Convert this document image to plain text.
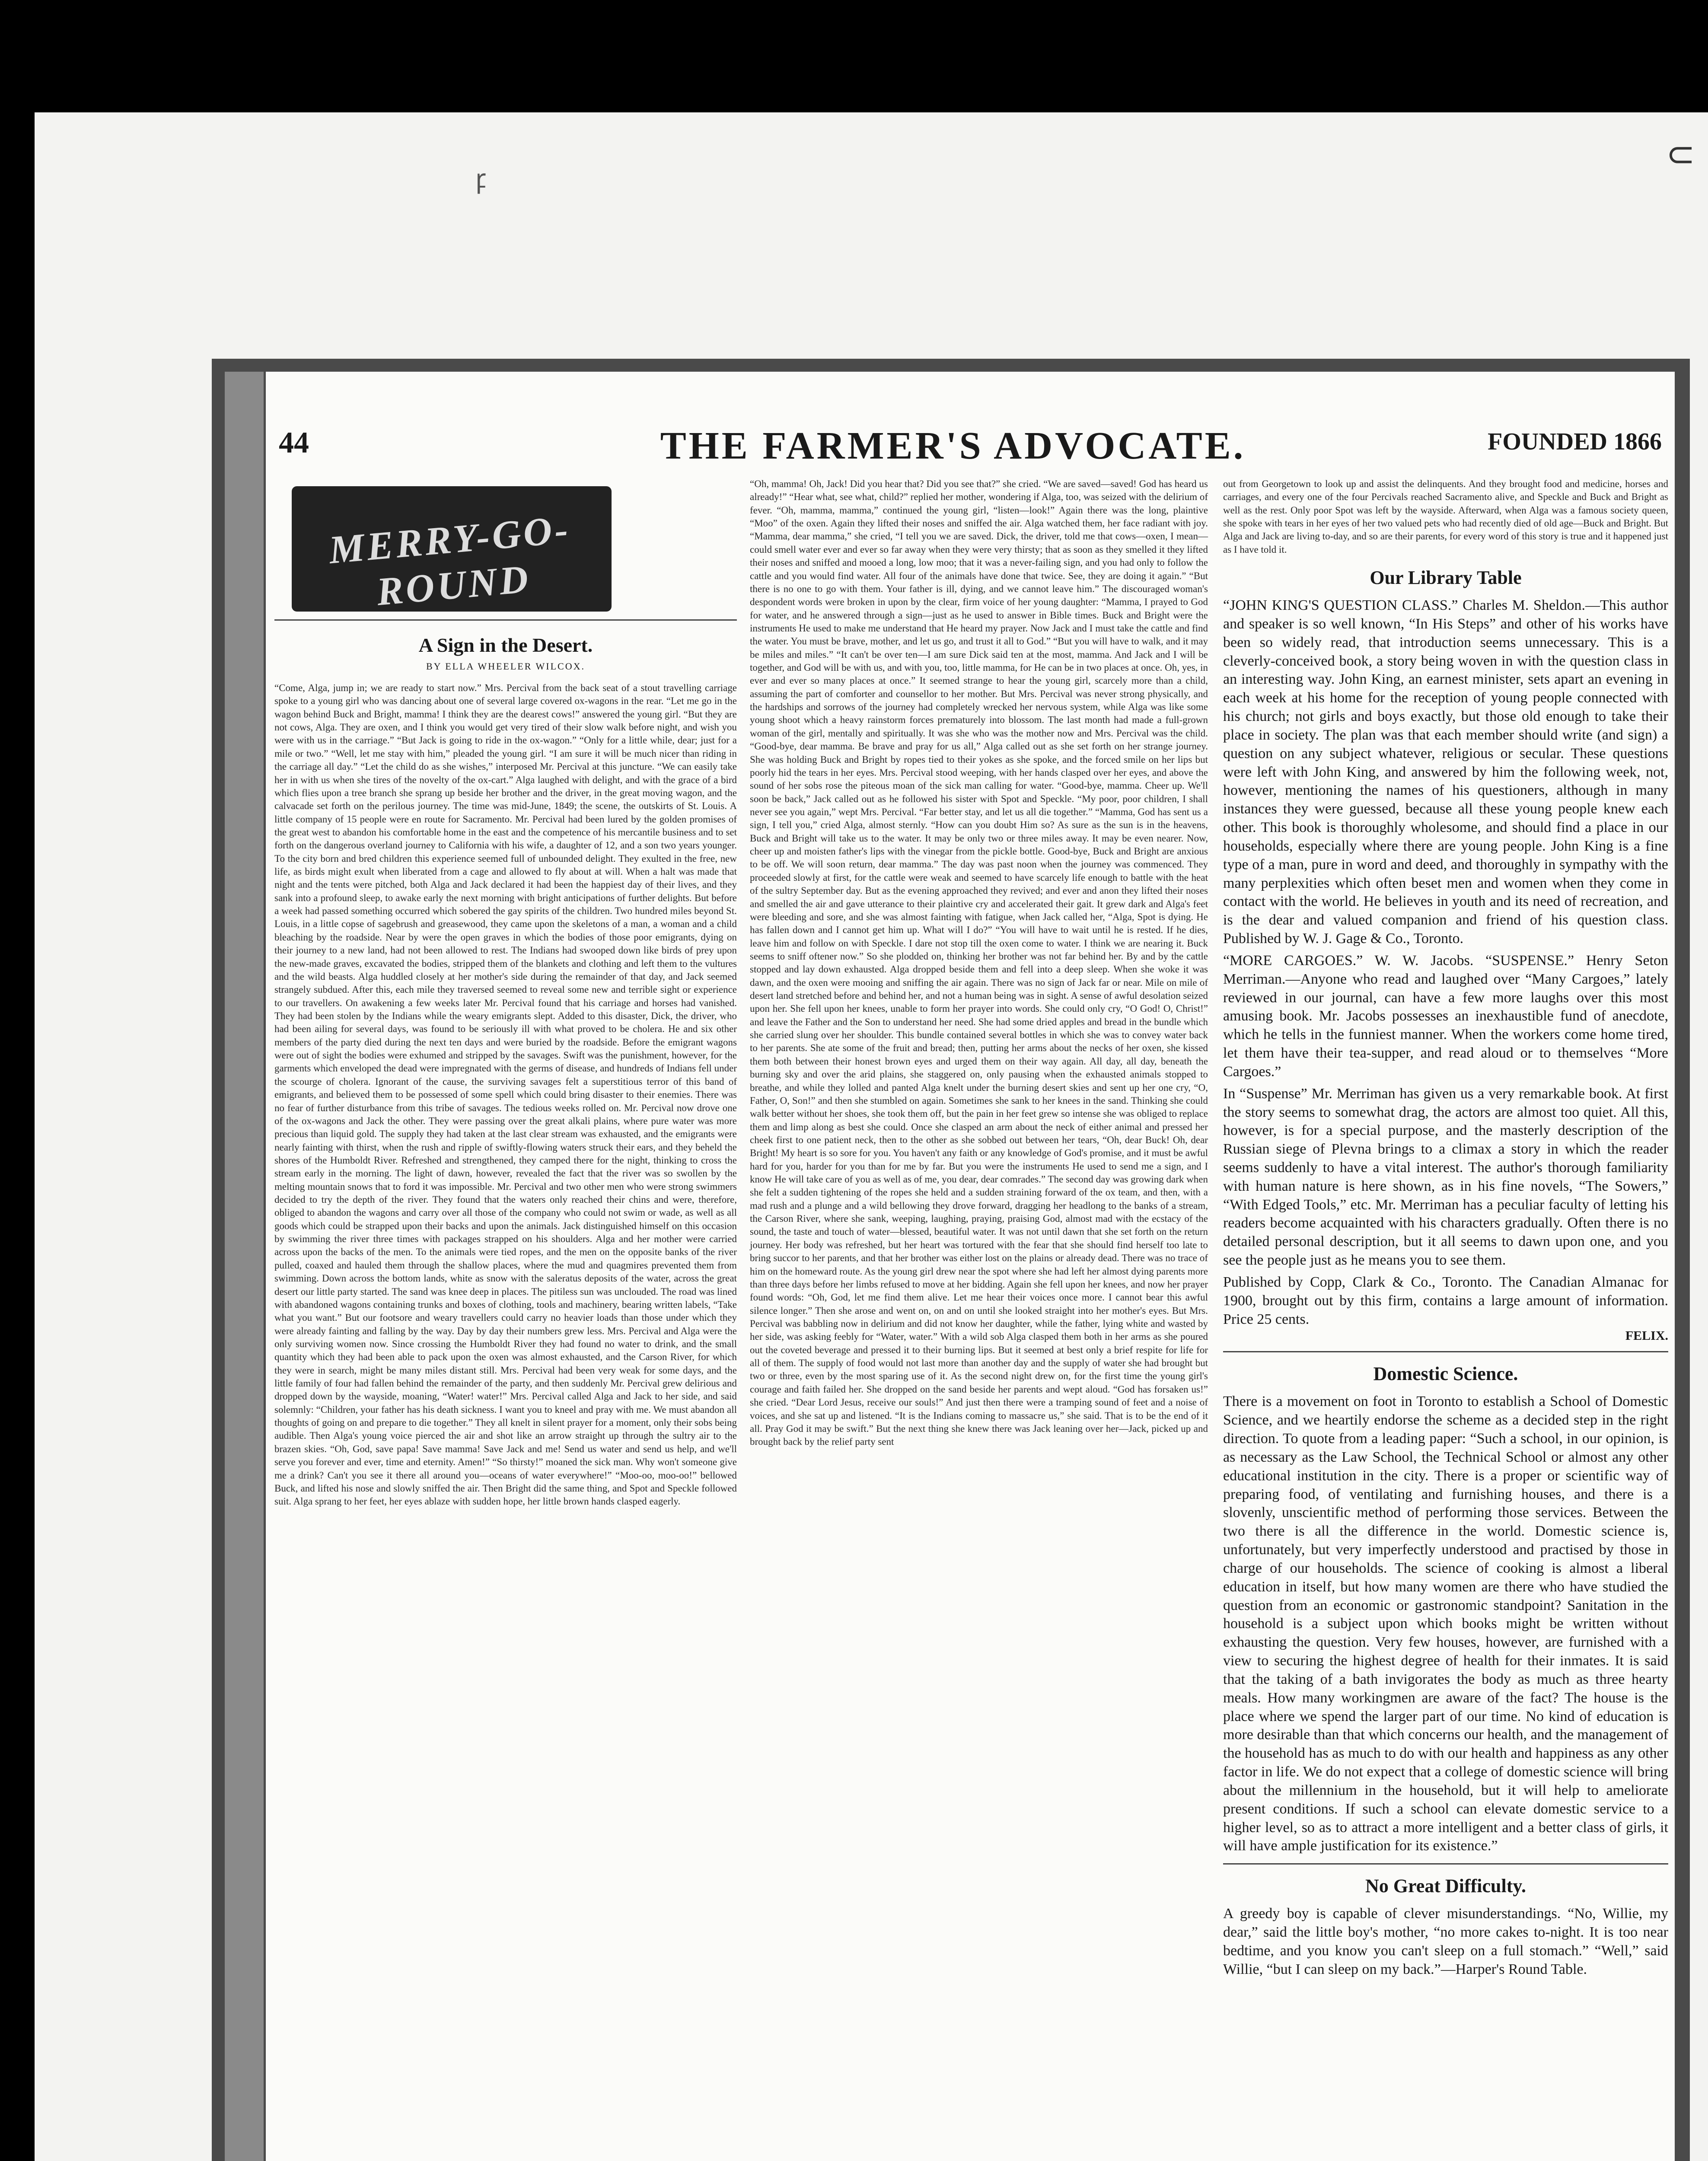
ꝼ
⊂
44	THE FARMER'S ADVOCATE.	FOUNDED 1866
MERRY-GO-ROUND
A Sign in the Desert.
BY ELLA WHEELER WILCOX.

“Come, Alga, jump in; we are ready to start now.” Mrs. Percival from the back seat of a stout travelling carriage spoke to a young girl who was dancing about one of several large covered ox-wagons in the rear. “Let me go in the wagon behind Buck and Bright, mamma! I think they are the dearest cows!” answered the young girl. “But they are not cows, Alga. They are oxen, and I think you would get very tired of their slow walk before night, and wish you were with us in the carriage.” “But Jack is going to ride in the ox-wagon.” “Only for a little while, dear; just for a mile or two.” “Well, let me stay with him,” pleaded the young girl. “I am sure it will be much nicer than riding in the carriage all day.” “Let the child do as she wishes,” interposed Mr. Percival at this juncture. “We can easily take her in with us when she tires of the novelty of the ox-cart.” Alga laughed with delight, and with the grace of a bird which flies upon a tree branch she sprang up beside her brother and the driver, in the great moving wagon, and the calvacade set forth on the perilous journey. The time was mid-June, 1849; the scene, the outskirts of St. Louis. A little company of 15 people were en route for Sacramento. Mr. Percival had been lured by the golden promises of the great west to abandon his comfortable home in the east and the competence of his mercantile business and to set forth on the dangerous overland journey to California with his wife, a daughter of 12, and a son two years younger. To the city born and bred children this experience seemed full of unbounded delight. They exulted in the free, new life, as birds might exult when liberated from a cage and allowed to fly about at will. When a halt was made that night and the tents were pitched, both Alga and Jack declared it had been the happiest day of their lives, and they sank into a profound sleep, to awake early the next morning with bright anticipations of further delights. But before a week had passed something occurred which sobered the gay spirits of the children. Two hundred miles beyond St. Louis, in a little copse of sagebrush and greasewood, they came upon the skeletons of a man, a woman and a child bleaching by the roadside. Near by were the open graves in which the bodies of those poor emigrants, dying on their journey to a new land, had not been allowed to rest. The Indians had swooped down like birds of prey upon the new-made graves, excavated the bodies, stripped them of the blankets and clothing and left them to the vultures and the wild beasts. Alga huddled closely at her mother's side during the remainder of that day, and Jack seemed strangely subdued. After this, each mile they traversed seemed to reveal some new and terrible sight or experience to our travellers. On awakening a few weeks later Mr. Percival found that his carriage and horses had vanished. They had been stolen by the Indians while the weary emigrants slept. Added to this disaster, Dick, the driver, who had been ailing for several days, was found to be seriously ill with what proved to be cholera. He and six other members of the party died during the next ten days and were buried by the roadside. Before the emigrant wagons were out of sight the bodies were exhumed and stripped by the savages. Swift was the punishment, however, for the garments which enveloped the dead were impregnated with the germs of disease, and hundreds of Indians fell under the scourge of cholera. Ignorant of the cause, the surviving savages felt a superstitious terror of this band of emigrants, and believed them to be possessed of some spell which could bring disaster to their enemies. There was no fear of further disturbance from this tribe of savages. The tedious weeks rolled on. Mr. Percival now drove one of the ox-wagons and Jack the other. They were passing over the great alkali plains, where pure water was more precious than liquid gold. The supply they had taken at the last clear stream was exhausted, and the emigrants were nearly fainting with thirst, when the rush and ripple of swiftly-flowing waters struck their ears, and they beheld the shores of the Humboldt River. Refreshed and strengthened, they camped there for the night, thinking to cross the stream early in the morning. The light of dawn, however, revealed the fact that the river was so swollen by the melting mountain snows that to ford it was impossible. Mr. Percival and two other men who were strong swimmers decided to try the depth of the river. They found that the waters only reached their chins and were, therefore, obliged to abandon the wagons and carry over all those of the company who could not swim or wade, as well as all goods which could be strapped upon their backs and upon the animals. Jack distinguished himself on this occasion by swimming the river three times with packages strapped on his shoulders. Alga and her mother were carried across upon the backs of the men. To the animals were tied ropes, and the men on the opposite banks of the river pulled, coaxed and hauled them through the shallow places, where the mud and quagmires prevented them from swimming. Down across the bottom lands, white as snow with the saleratus deposits of the water, across the great desert our little party started. The sand was knee deep in places. The pitiless sun was unclouded. The road was lined with abandoned wagons containing trunks and boxes of clothing, tools and machinery, bearing written labels, “Take what you want.” But our footsore and weary travellers could carry no heavier loads than those under which they were already fainting and falling by the way. Day by day their numbers grew less. Mrs. Percival and Alga were the only surviving women now. Since crossing the Humboldt River they had found no water to drink, and the small quantity which they had been able to pack upon the oxen was almost exhausted, and the Carson River, for which they were in search, might be many miles distant still. Mrs. Percival had been very weak for some days, and the little family of four had fallen behind the remainder of the party, and then suddenly Mr. Percival grew delirious and dropped down by the wayside, moaning, “Water! water!” Mrs. Percival called Alga and Jack to her side, and said solemnly: “Children, your father has his death sickness. I want you to kneel and pray with me. We must abandon all thoughts of going on and prepare to die together.” They all knelt in silent prayer for a moment, only their sobs being audible. Then Alga's young voice pierced the air and shot like an arrow straight up through the sultry air to the brazen skies. “Oh, God, save papa! Save mamma! Save Jack and me! Send us water and send us help, and we'll serve you forever and ever, time and eternity. Amen!” “So thirsty!” moaned the sick man. Why won't someone give me a drink? Can't you see it there all around you—oceans of water everywhere!” “Moo-oo, moo-oo!” bellowed Buck, and lifted his nose and slowly sniffed the air. Then Bright did the same thing, and Spot and Speckle followed suit. Alga sprang to her feet, her eyes ablaze with sudden hope, her little brown hands clasped eagerly.

“Oh, mamma! Oh, Jack! Did you hear that? Did you see that?” she cried. “We are saved—saved! God has heard us already!” “Hear what, see what, child?” replied her mother, wondering if Alga, too, was seized with the delirium of fever. “Oh, mamma, mamma,” continued the young girl, “listen—look!” Again there was the long, plaintive “Moo” of the oxen. Again they lifted their noses and sniffed the air. Alga watched them, her face radiant with joy. “Mamma, dear mamma,” she cried, “I tell you we are saved. Dick, the driver, told me that cows—oxen, I mean—could smell water ever and ever so far away when they were very thirsty; that as soon as they smelled it they lifted their noses and sniffed and mooed a long, low moo; that it was a never-failing sign, and you had only to follow the cattle and you would find water. All four of the animals have done that twice. See, they are doing it again.” “But there is no one to go with them. Your father is ill, dying, and we cannot leave him.” The discouraged woman's despondent words were broken in upon by the clear, firm voice of her young daughter: “Mamma, I prayed to God for water, and he answered through a sign—just as he used to answer in Bible times. Buck and Bright were the instruments He used to make me understand that He heard my prayer. Now Jack and I must take the cattle and find the water. You must be brave, mother, and let us go, and trust it all to God.” “But you will have to walk, and it may be miles and miles.” “It can't be over ten—I am sure Dick said ten at the most, mamma. And Jack and I will be together, and God will be with us, and with you, too, little mamma, for He can be in two places at once. Oh, yes, in ever and ever so many places at once.” It seemed strange to hear the young girl, scarcely more than a child, assuming the part of comforter and counsellor to her mother. But Mrs. Percival was never strong physically, and the hardships and sorrows of the journey had completely wrecked her nervous system, while Alga was like some young shoot which a heavy rainstorm forces prematurely into blossom. The last month had made a full-grown woman of the girl, mentally and spiritually. It was she who was the mother now and Mrs. Percival was the child. “Good-bye, dear mamma. Be brave and pray for us all,” Alga called out as she set forth on her strange journey. She was holding Buck and Bright by ropes tied to their yokes as she spoke, and the forced smile on her lips but poorly hid the tears in her eyes. Mrs. Percival stood weeping, with her hands clasped over her eyes, and above the sound of her sobs rose the piteous moan of the sick man calling for water. “Good-bye, mamma. Cheer up. We'll soon be back,” Jack called out as he followed his sister with Spot and Speckle. “My poor, poor children, I shall never see you again,” wept Mrs. Percival. “Far better stay, and let us all die together.” “Mamma, God has sent us a sign, I tell you,” cried Alga, almost sternly. “How can you doubt Him so? As sure as the sun is in the heavens, Buck and Bright will take us to the water. It may be only two or three miles away. It may be even nearer. Now, cheer up and moisten father's lips with the vinegar from the pickle bottle. Good-bye, Buck and Bright are anxious to be off. We will soon return, dear mamma.” The day was past noon when the journey was commenced. They proceeded slowly at first, for the cattle were weak and seemed to have scarcely life enough to battle with the heat of the sultry September day. But as the evening approached they revived; and ever and anon they lifted their noses and smelled the air and gave utterance to their plaintive cry and accelerated their gait. It grew dark and Alga's feet were bleeding and sore, and she was almost fainting with fatigue, when Jack called her, “Alga, Spot is dying. He has fallen down and I cannot get him up. What will I do?” “You will have to wait until he is rested. If he dies, leave him and follow on with Speckle. I dare not stop till the oxen come to water. I think we are nearing it. Buck seems to sniff oftener now.” So she plodded on, thinking her brother was not far behind her. By and by the cattle stopped and lay down exhausted. Alga dropped beside them and fell into a deep sleep. When she woke it was dawn, and the oxen were mooing and sniffing the air again. There was no sign of Jack far or near. Mile on mile of desert land stretched before and behind her, and not a human being was in sight. A sense of awful desolation seized upon her. She fell upon her knees, unable to form her prayer into words. She could only cry, “O God! O, Christ!” and leave the Father and the Son to understand her need. She had some dried apples and bread in the bundle which she carried slung over her shoulder. This bundle contained several bottles in which she was to convey water back to her parents. She ate some of the fruit and bread; then, putting her arms about the necks of her oxen, she kissed them both between their honest brown eyes and urged them on their way again. All day, all day, beneath the burning sky and over the arid plains, she staggered on, only pausing when the exhausted animals stopped to breathe, and while they lolled and panted Alga knelt under the burning desert skies and sent up her one cry, “O, Father, O, Son!” and then she stumbled on again. Sometimes she sank to her knees in the sand. Thinking she could walk better without her shoes, she took them off, but the pain in her feet grew so intense she was obliged to replace them and limp along as best she could. Once she clasped an arm about the neck of either animal and pressed her cheek first to one patient neck, then to the other as she sobbed out between her tears, “Oh, dear Buck! Oh, dear Bright! My heart is so sore for you. You haven't any faith or any knowledge of God's promise, and it must be awful hard for you, harder for you than for me by far. But you were the instruments He used to send me a sign, and I know He will take care of you as well as of me, you dear, dear comrades.” The second day was growing dark when she felt a sudden tightening of the ropes she held and a sudden straining forward of the ox team, and then, with a mad rush and a plunge and a wild bellowing they drove forward, dragging her headlong to the banks of a stream, the Carson River, where she sank, weeping, laughing, praying, praising God, almost mad with the ecstacy of the sound, the taste and touch of water—blessed, beautiful water. It was not until dawn that she set forth on the return journey. Her body was refreshed, but her heart was tortured with the fear that she should find herself too late to bring succor to her parents, and that her brother was either lost on the plains or already dead. There was no trace of him on the homeward route. As the young girl drew near the spot where she had left her almost dying parents more than three days before her limbs refused to move at her bidding. Again she fell upon her knees, and now her prayer found words: “Oh, God, let me find them alive. Let me hear their voices once more. I cannot bear this awful silence longer.” Then she arose and went on, on and on until she looked straight into her mother's eyes. But Mrs. Percival was babbling now in delirium and did not know her daughter, while the father, lying white and wasted by her side, was asking feebly for “Water, water.” With a wild sob Alga clasped them both in her arms as she poured out the coveted beverage and pressed it to their burning lips. But it seemed at best only a brief respite for life for all of them. The supply of food would not last more than another day and the supply of water she had brought but two or three, even by the most sparing use of it. As the second night drew on, for the first time the young girl's courage and faith failed her. She dropped on the sand beside her parents and wept aloud. “God has forsaken us!” she cried. “Dear Lord Jesus, receive our souls!” And just then there were a tramping sound of feet and a noise of voices, and she sat up and listened. “It is the Indians coming to massacre us,” she said. That is to be the end of it all. Pray God it may be swift.” But the next thing she knew there was Jack leaning over her—Jack, picked up and brought back by the relief party sent

out from Georgetown to look up and assist the delinquents. And they brought food and medicine, horses and carriages, and every one of the four Percivals reached Sacramento alive, and Speckle and Buck and Bright as well as the rest. Only poor Spot was left by the wayside. Afterward, when Alga was a famous society queen, she spoke with tears in her eyes of her two valued pets who had recently died of old age—Buck and Bright. But Alga and Jack are living to-day, and so are their parents, for every word of this story is true and it happened just as I have told it.

Our Library Table

“JOHN KING'S QUESTION CLASS.” Charles M. Sheldon.—This author and speaker is so well known, “In His Steps” and other of his works have been so widely read, that introduction seems unnecessary. This is a cleverly-conceived book, a story being woven in with the question class in an interesting way. John King, an earnest minister, sets apart an evening in each week at his home for the reception of young people connected with his church; not girls and boys exactly, but those old enough to take their place in society. The plan was that each member should write (and sign) a question on any subject whatever, religious or secular. These questions were left with John King, and answered by him the following week, not, however, mentioning the names of his questioners, although in many instances they were guessed, because all these young people knew each other. This book is thoroughly wholesome, and should find a place in our households, especially where there are young people. John King is a fine type of a man, pure in word and deed, and thoroughly in sympathy with the many perplexities which often beset men and women when they come in contact with the world. He believes in youth and its need of recreation, and is the dear and valued companion and friend of his question class. Published by W. J. Gage & Co., Toronto.

“MORE CARGOES.” W. W. Jacobs. “SUSPENSE.” Henry Seton Merriman.—Anyone who read and laughed over “Many Cargoes,” lately reviewed in our journal, can have a few more laughs over this most amusing book. Mr. Jacobs possesses an inexhaustible fund of anecdote, which he tells in the funniest manner. When the workers come home tired, let them have their tea-supper, and read aloud or to themselves “More Cargoes.”

In “Suspense” Mr. Merriman has given us a very remarkable book. At first the story seems to somewhat drag, the actors are almost too quiet. All this, however, is for a special purpose, and the masterly description of the Russian siege of Plevna brings to a climax a story in which the reader seems suddenly to have a vital interest. The author's thorough familiarity with human nature is here shown, as in his fine novels, “The Sowers,” “With Edged Tools,” etc. Mr. Merriman has a peculiar faculty of letting his readers become acquainted with his characters gradually. Often there is no detailed personal description, but it all seems to dawn upon one, and you see the people just as he means you to see them.

Published by Copp, Clark & Co., Toronto. The Canadian Almanac for 1900, brought out by this firm, contains a large amount of information. Price 25 cents.

FELIX.
Domestic Science.

There is a movement on foot in Toronto to establish a School of Domestic Science, and we heartily endorse the scheme as a decided step in the right direction. To quote from a leading paper: “Such a school, in our opinion, is as necessary as the Law School, the Technical School or almost any other educational institution in the city. There is a proper or scientific way of preparing food, of ventilating and furnishing houses, and there is a slovenly, unscientific method of performing those services. Between the two there is all the difference in the world. Domestic science is, unfortunately, but very imperfectly understood and practised by those in charge of our households. The science of cooking is almost a liberal education in itself, but how many women are there who have studied the question from an economic or gastronomic standpoint? Sanitation in the household is a subject upon which books might be written without exhausting the question. Very few houses, however, are furnished with a view to securing the highest degree of health for their inmates. It is said that the taking of a bath invigorates the body as much as three hearty meals. How many workingmen are aware of the fact? The house is the place where we spend the larger part of our time. No kind of education is more desirable than that which concerns our health, and the management of the household has as much to do with our health and happiness as any other factor in life. We do not expect that a college of domestic science will bring about the millennium in the household, but it will help to ameliorate present conditions. If such a school can elevate domestic service to a higher level, so as to attract a more intelligent and a better class of girls, it will have ample justification for its existence.”

No Great Difficulty.

A greedy boy is capable of clever misunderstandings. “No, Willie, my dear,” said the little boy's mother, “no more cakes to-night. It is too near bedtime, and you know you can't sleep on a full stomach.” “Well,” said Willie, “but I can sleep on my back.”—Harper's Round Table.
